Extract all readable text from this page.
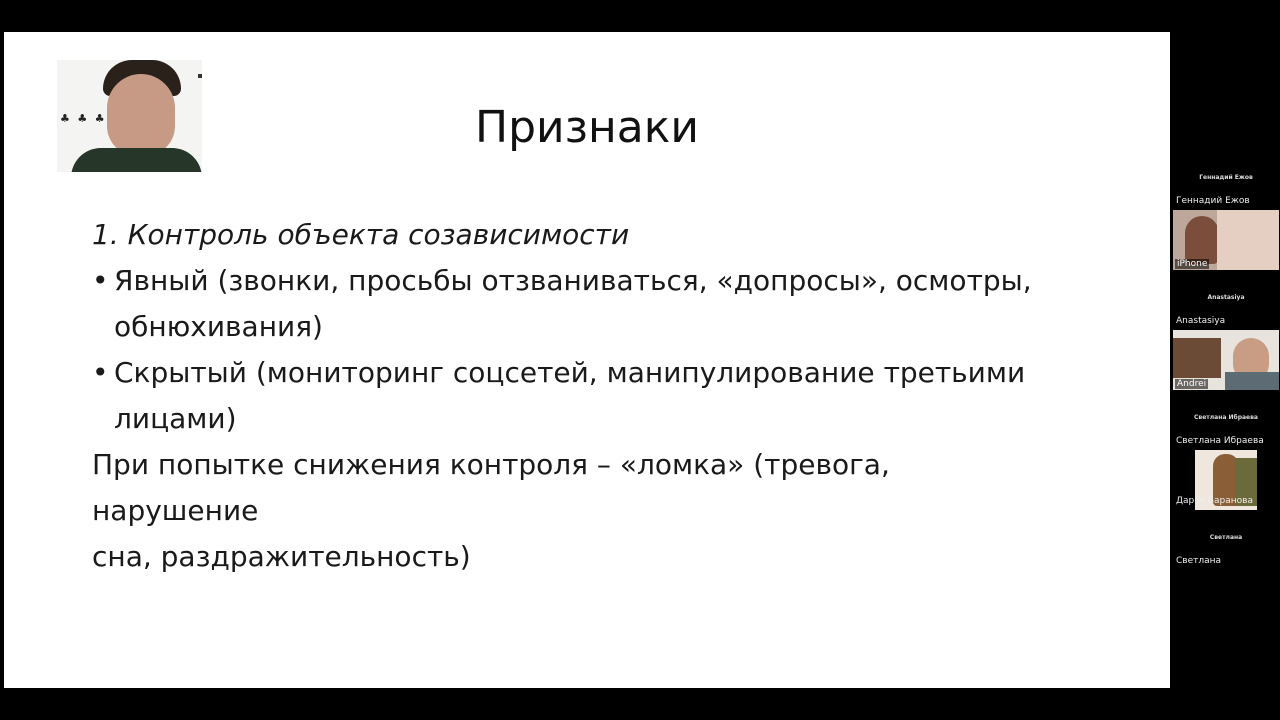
♣ ♣ ♣	Признаки
1. Контроль объекта созависимости
• Явный (звонки, просьбы отзваниваться, «допросы», осмотры,
обнюхивания)
• Скрытый (мониторинг соцсетей, манипулирование третьими
лицами)
При попытке снижения контроля – «ломка» (тревога, нарушение
сна, раздражительность)
Геннадий Ежов
Геннадий Ежов
iPhone
Anastasiya
Anastasiya
Andrei
Светлана Ибраева
Светлана Ибраева
Дарья Баранова
Светлана
Светлана
